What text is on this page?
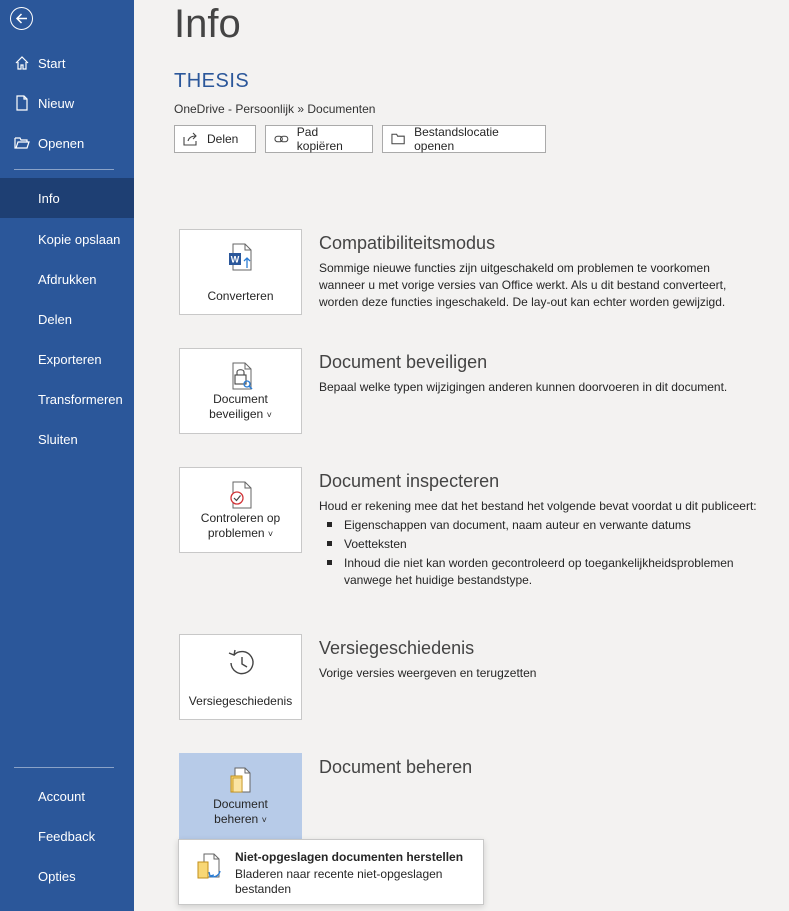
Start
Nieuw
Openen
Info
Kopie opslaan
Afdrukken
Delen
Exporteren
Transformeren
Sluiten
Account
Feedback
Opties
Info
THESIS
OneDrive - Persoonlijk » Documenten
Delen	Pad kopiëren
Bestandslocatie openen
W
Converteren
Compatibiliteitsmodus

Sommige nieuwe functies zijn uitgeschakeld om problemen te voorkomen wanneer u met vorige versies van Office werkt. Als u dit bestand converteert, worden deze functies ingeschakeld. De lay-out kan echter worden gewijzigd.

Document
beveiligen ˅
Document beveiligen

Bepaal welke typen wijzigingen anderen kunnen doorvoeren in dit document.

Controleren op
problemen ˅
Document inspecteren

Houd er rekening mee dat het bestand het volgende bevat voordat u dit publiceert:

Eigenschappen van document, naam auteur en verwante datums
Voetteksten
Inhoud die niet kan worden gecontroleerd op toegankelijkheidsproblemen vanwege het huidige bestandstype.
Versiegeschiedenis
Versiegeschiedenis

Vorige versies weergeven en terugzetten

Document
beheren ˅
Document beheren
Niet-opgeslagen documenten herstellen
Bladeren naar recente niet-opgeslagen bestanden
